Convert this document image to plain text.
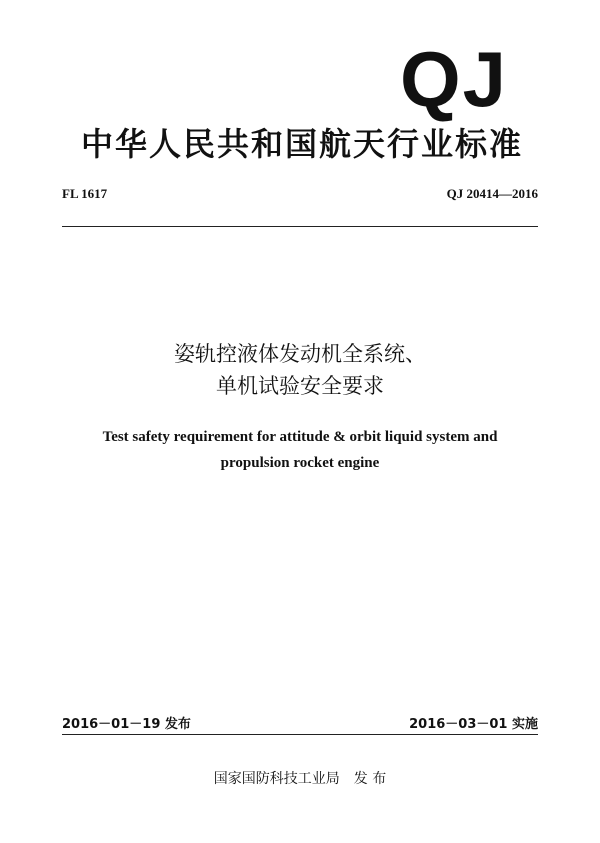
QJ
中华人民共和国航天行业标准
FL 1617	QJ 20414—2016
姿轨控液体发动机全系统、
单机试验安全要求
Test safety requirement for attitude & orbit liquid system and
propulsion rocket engine
2016－01－19 发布	2016－03－01 实施
国家国防科技工业局 发 布
